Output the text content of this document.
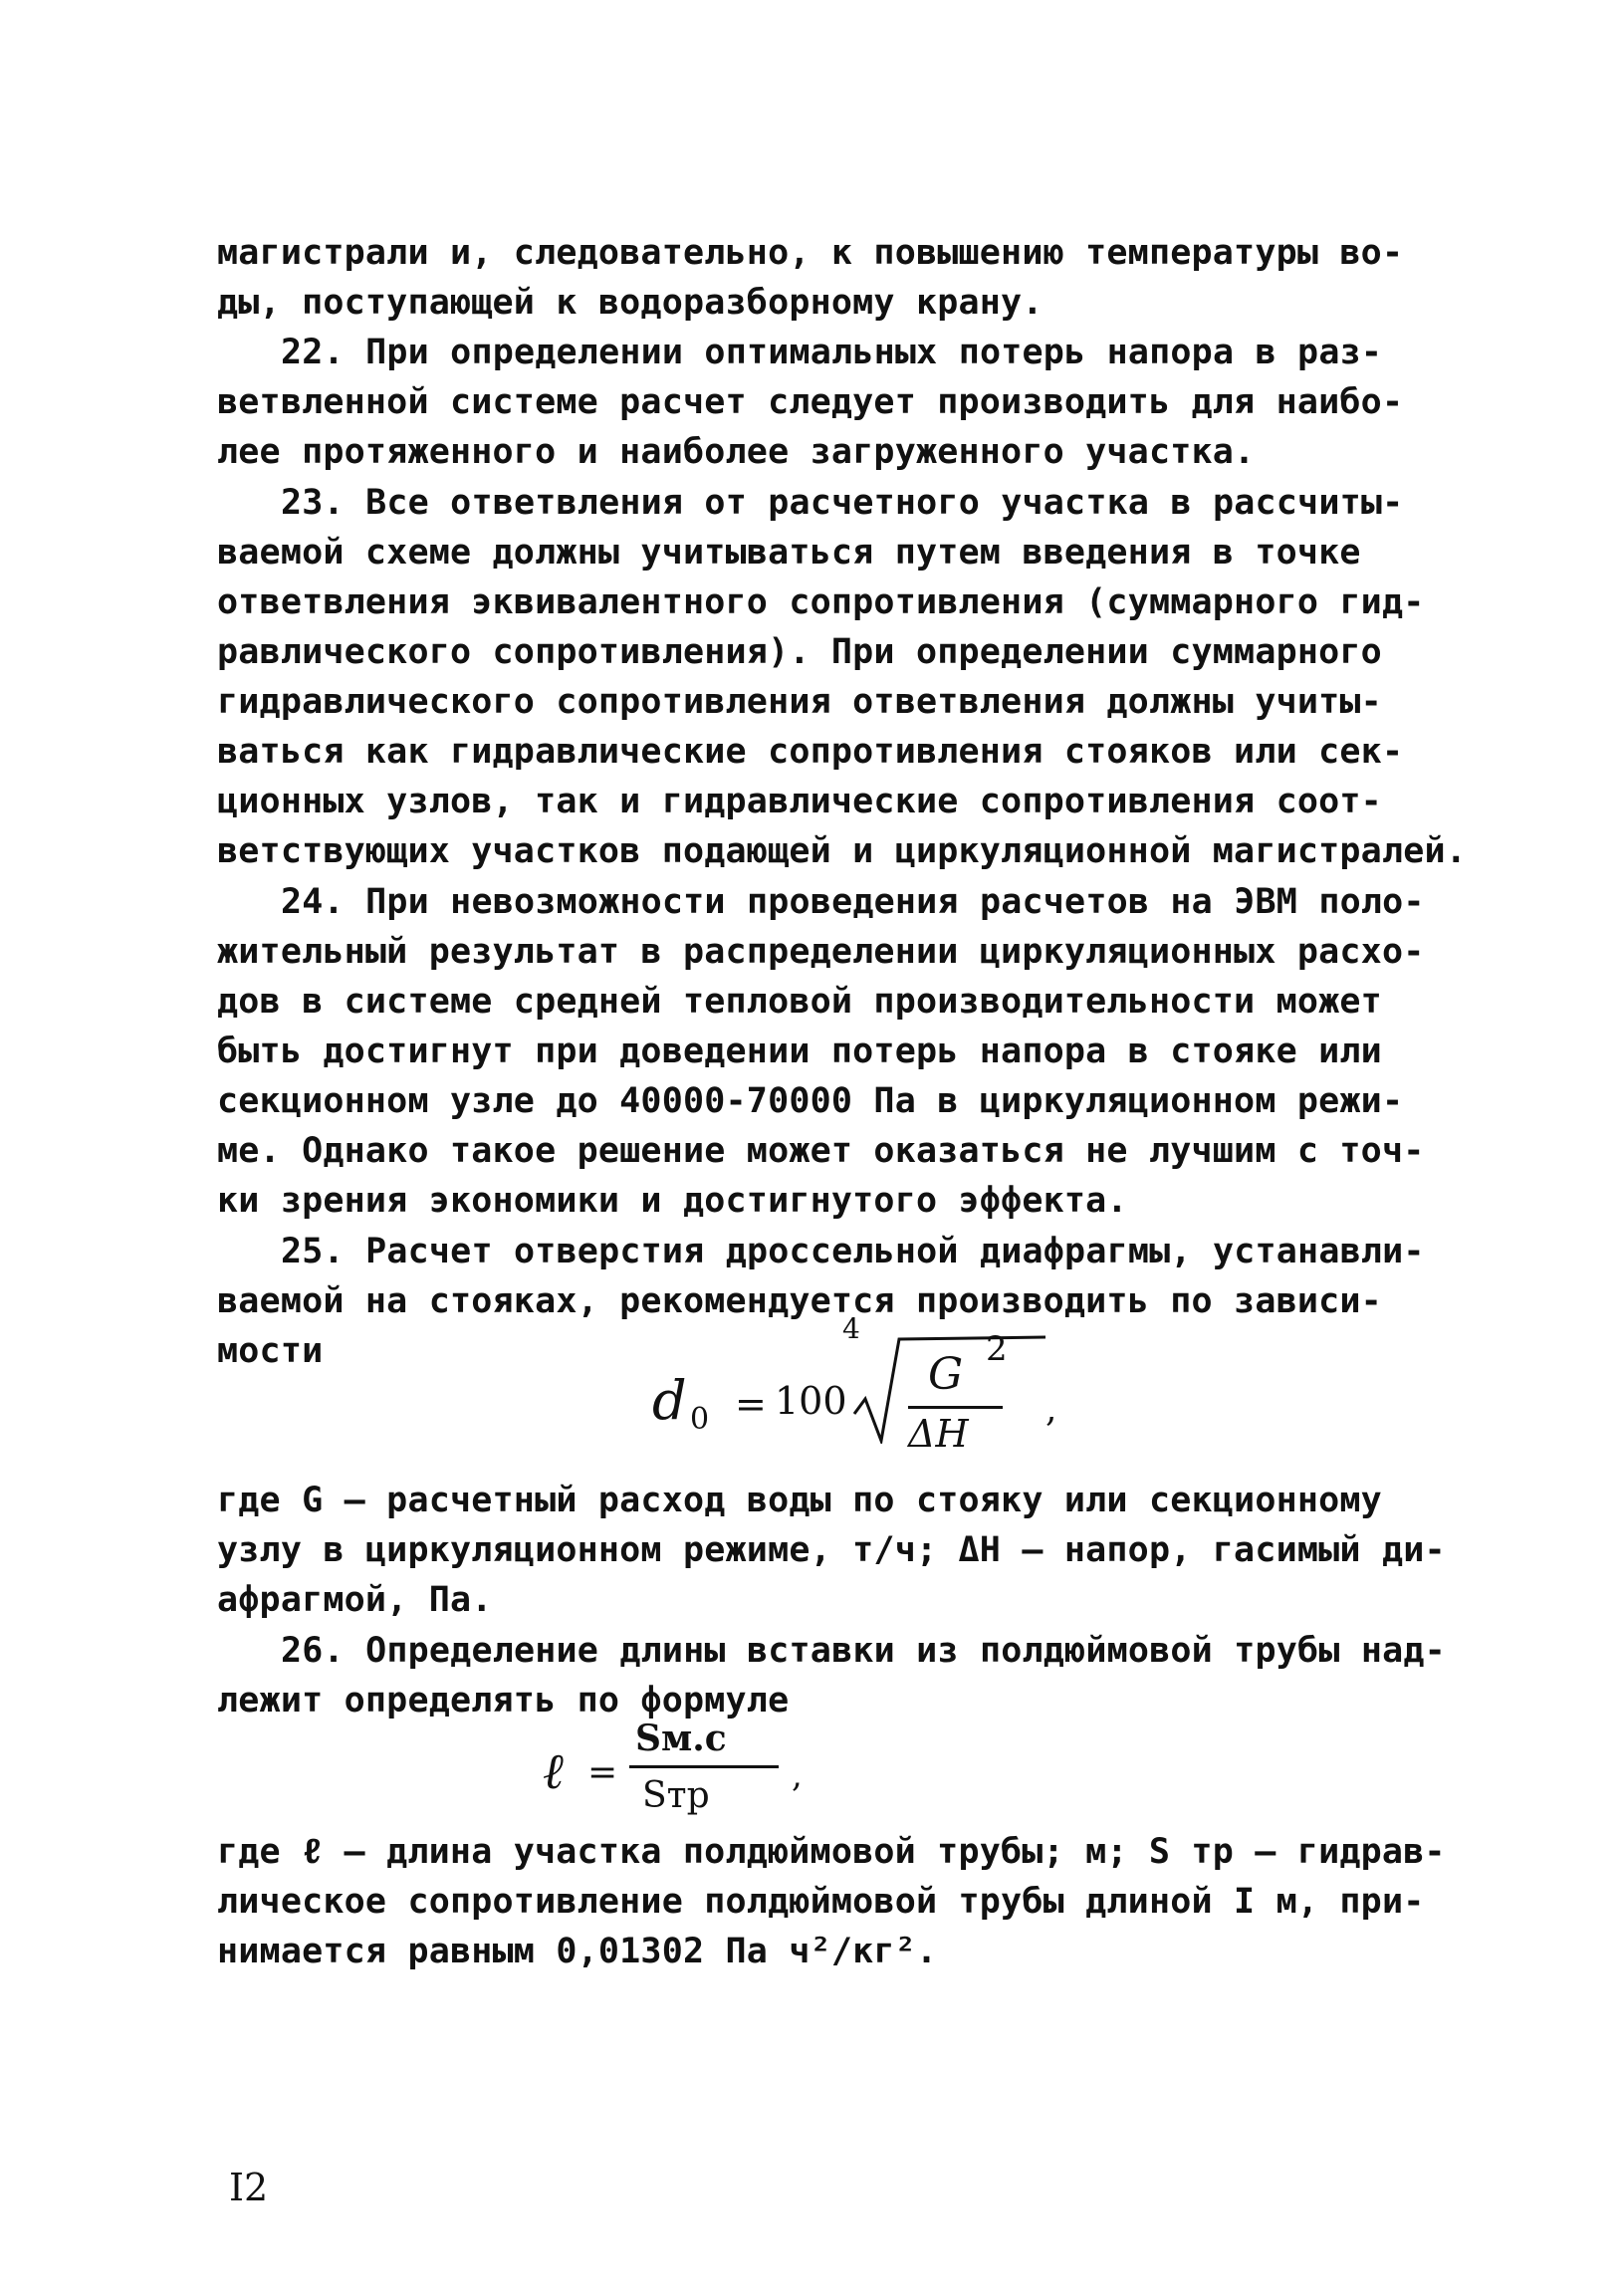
магистрали и, следовательно, к повышению температуры во-
ды, поступающей к водоразборному крану.
22. При определении оптимальных потерь напора в раз-
ветвленной системе расчет следует производить для наибо-
лее протяженного и наиболее загруженного участка.
23. Все ответвления от расчетного участка в рассчиты-
ваемой схеме должны учитываться путем введения в точке
ответвления эквивалентного сопротивления (суммарного гид-
равлического сопротивления). При определении суммарного
гидравлического сопротивления ответвления должны учиты-
ваться как гидравлические сопротивления стояков или сек-
ционных узлов, так и гидравлические сопротивления соот-
ветствующих участков подающей и циркуляционной магистралей.
24. При невозможности проведения расчетов на ЭВМ поло-
жительный результат в распределении циркуляционных расхо-
дов в системе средней тепловой производительности может
быть достигнут при доведении потерь напора в стояке или
секционном узле до 40000-70000 Па в циркуляционном режи-
ме. Однако такое решение может оказаться не лучшим с точ-
ки зрения экономики и достигнутого эффекта.
25. Расчет отверстия дроссельной диафрагмы, устанавли-
ваемой на стояках, рекомендуется производить по зависи-
мости
d 0 = 100
4
G 2
ΔH
,
где G – расчетный расход воды по стояку или секционному
узлу в циркуляционном режиме, т/ч; ΔН – напор, гасимый ди-
афрагмой, Па.
26. Определение длины вставки из полдюймовой трубы над-
лежит определять по формуле
ℓ =
Sм.с
Sтр ,
где ℓ – длина участка полдюймовой трубы; м; S тр – гидрав-
лическое сопротивление полдюймовой трубы длиной I м, при-
нимается равным 0,01302 Па ч²/кг².
I2
